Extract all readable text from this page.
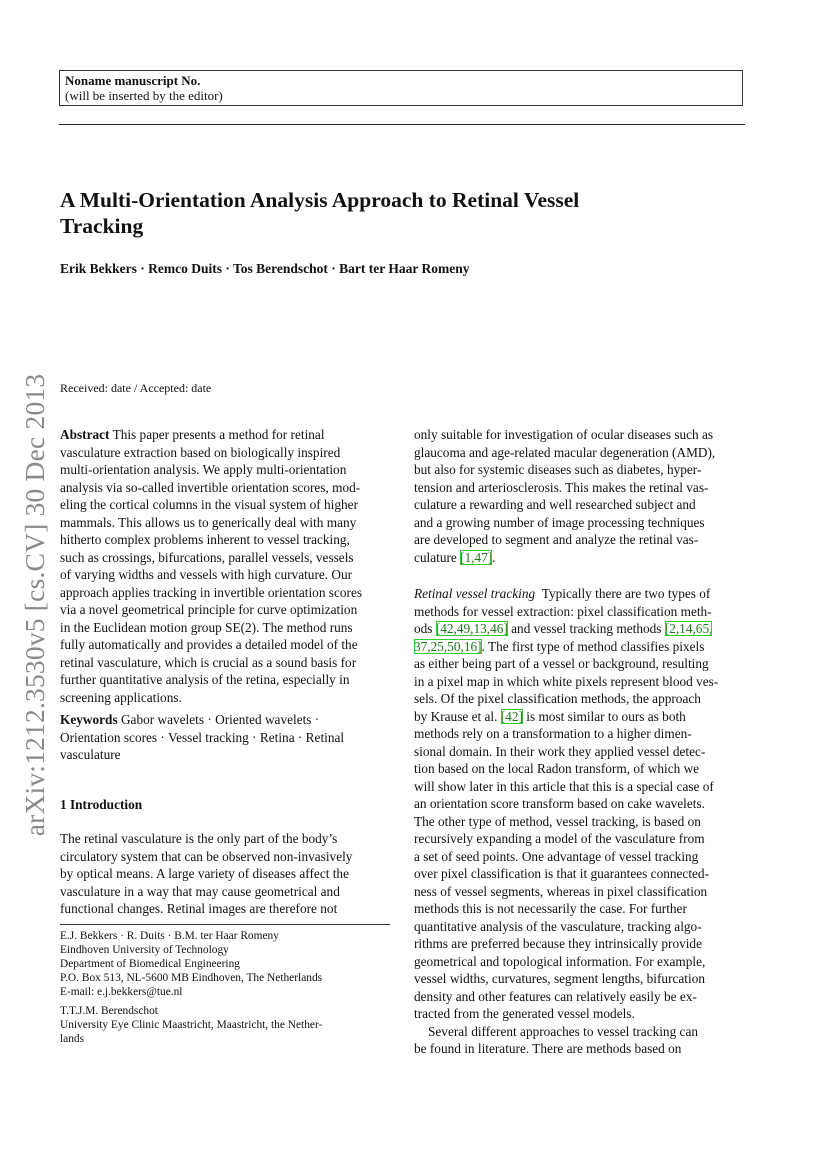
arXiv:1212.3530v5 [cs.CV] 30 Dec 2013
Noname manuscript No.
(will be inserted by the editor)
A Multi-Orientation Analysis Approach to Retinal Vessel
Tracking
Erik Bekkers · Remco Duits · Tos Berendschot · Bart ter Haar Romeny
Received: date / Accepted: date

Abstract This paper presents a method for retinal

vasculature extraction based on biologically inspired

multi-orientation analysis. We apply multi-orientation

analysis via so-called invertible orientation scores, mod-

eling the cortical columns in the visual system of higher

mammals. This allows us to generically deal with many

hitherto complex problems inherent to vessel tracking,

such as crossings, bifurcations, parallel vessels, vessels

of varying widths and vessels with high curvature. Our

approach applies tracking in invertible orientation scores

via a novel geometrical principle for curve optimization

in the Euclidean motion group SE(2). The method runs

fully automatically and provides a detailed model of the

retinal vasculature, which is crucial as a sound basis for

further quantitative analysis of the retina, especially in

screening applications.

Keywords Gabor wavelets · Oriented wavelets ·

Orientation scores · Vessel tracking · Retina · Retinal

vasculature

1 Introduction

The retinal vasculature is the only part of the body’s

circulatory system that can be observed non-invasively

by optical means. A large variety of diseases affect the

vasculature in a way that may cause geometrical and

functional changes. Retinal images are therefore not

E.J. Bekkers · R. Duits · B.M. ter Haar Romeny
Eindhoven University of Technology
Department of Biomedical Engineering
P.O. Box 513, NL-5600 MB Eindhoven, The Netherlands
E-mail: e.j.bekkers@tue.nl
T.T.J.M. Berendschot
University Eye Clinic Maastricht, Maastricht, the Nether-
lands

only suitable for investigation of ocular diseases such as

glaucoma and age-related macular degeneration (AMD),

but also for systemic diseases such as diabetes, hyper-

tension and arteriosclerosis. This makes the retinal vas-

culature a rewarding and well researched subject and

and a growing number of image processing techniques

are developed to segment and analyze the retinal vas-

culature [1,47].

Retinal vessel tracking Typically there are two types of

methods for vessel extraction: pixel classification meth-

ods [42,49,13,46] and vessel tracking methods [2,14,65,

37,25,50,16]. The first type of method classifies pixels

as either being part of a vessel or background, resulting

in a pixel map in which white pixels represent blood ves-

sels. Of the pixel classification methods, the approach

by Krause et al. [42] is most similar to ours as both

methods rely on a transformation to a higher dimen-

sional domain. In their work they applied vessel detec-

tion based on the local Radon transform, of which we

will show later in this article that this is a special case of

an orientation score transform based on cake wavelets.

The other type of method, vessel tracking, is based on

recursively expanding a model of the vasculature from

a set of seed points. One advantage of vessel tracking

over pixel classification is that it guarantees connected-

ness of vessel segments, whereas in pixel classification

methods this is not necessarily the case. For further

quantitative analysis of the vasculature, tracking algo-

rithms are preferred because they intrinsically provide

geometrical and topological information. For example,

vessel widths, curvatures, segment lengths, bifurcation

density and other features can relatively easily be ex-

tracted from the generated vessel models.

Several different approaches to vessel tracking can

be found in literature. There are methods based on
